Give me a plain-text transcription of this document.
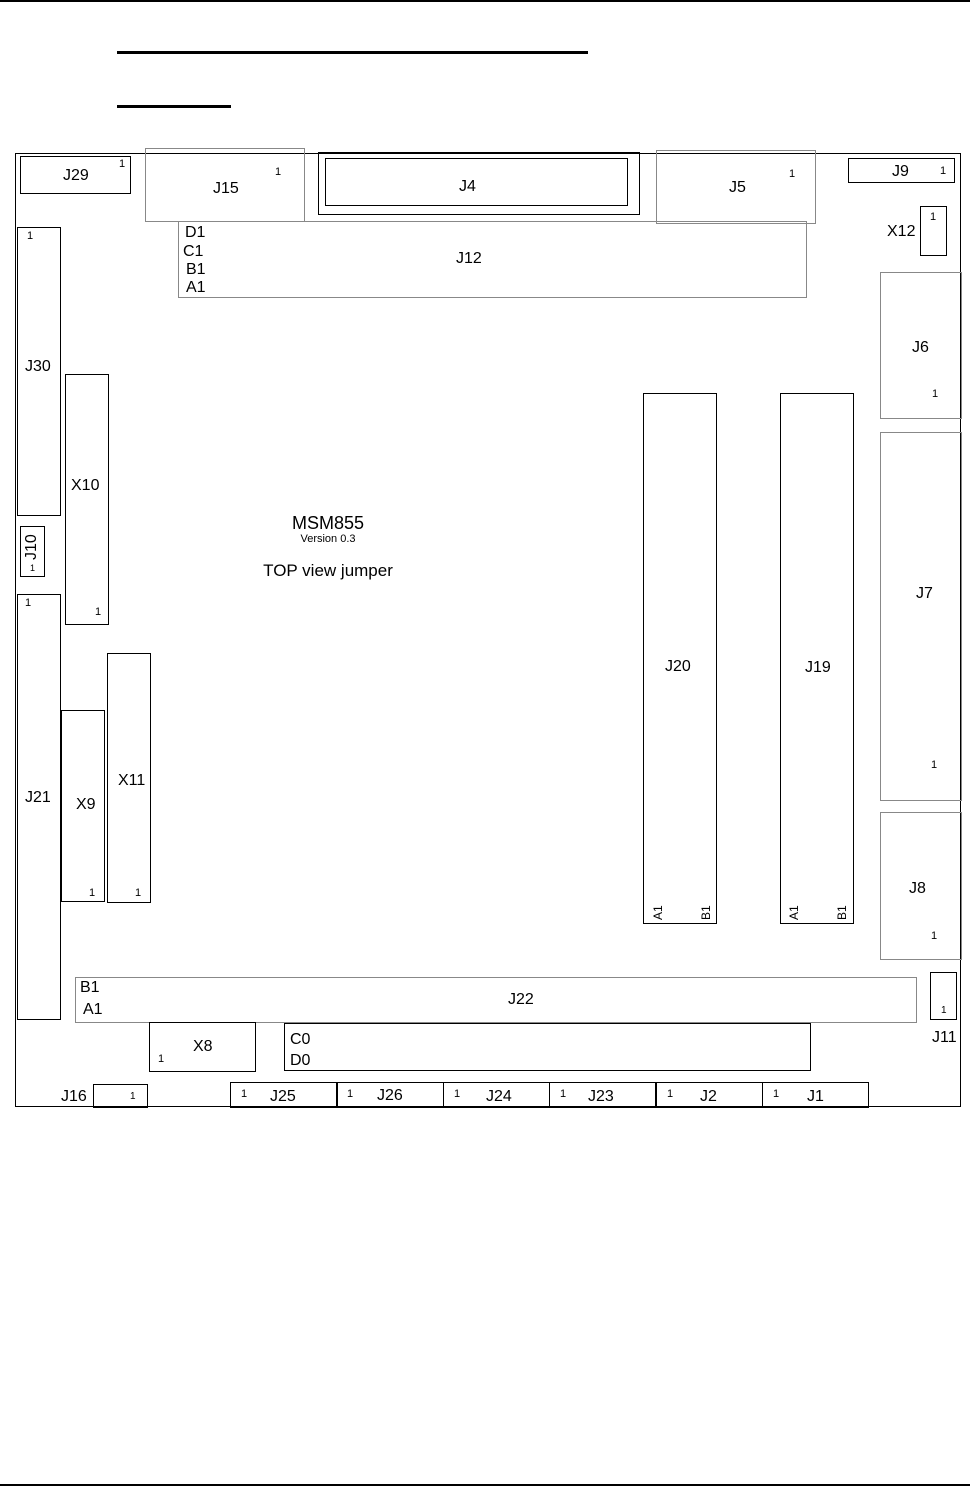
MSM855
Version 0.3
TOP view jumper
J29
1
J15
1
J4	J5
1	J9	1
X12
1
J12
D1
C1
B1
A1
J30
1
X10
1
J10
1
J21
1
X9
1
X11
1
J6
1
J7
1
J8
1
J20
A1	B1
J19
A1	B1
J22
B1
A1
J11
1
X8
1
C0
D0
J16	1	1 J25	1 J26	1 J24	1 J23	1 J2	1 J1
